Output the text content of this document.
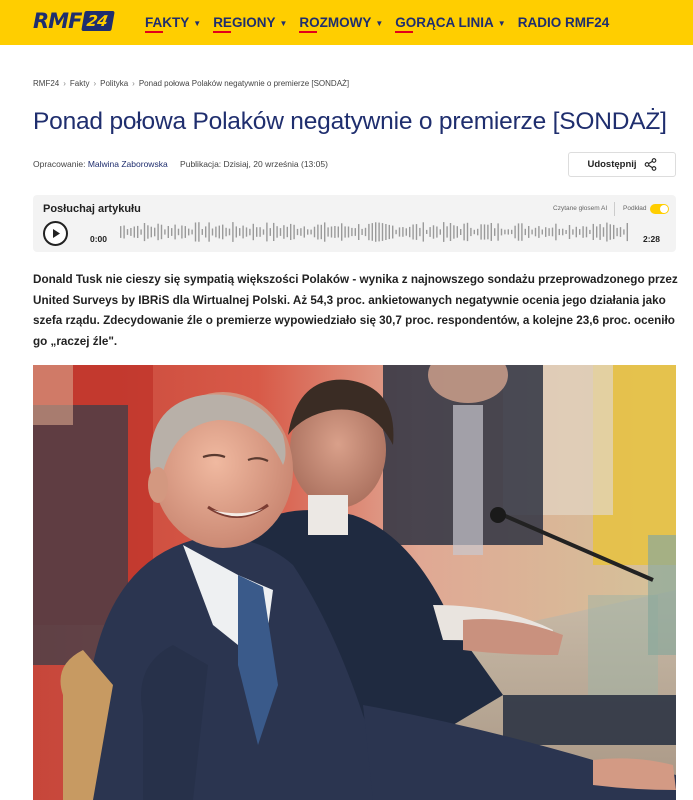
RMF 24	FAKTY ▼ REGIONY ▼ ROZMOWY ▼ GORĄCA LINIA ▼ RADIO RMF24
RMF24 › Fakty › Polityka › Ponad połowa Polaków negatywnie o premierze [SONDAŻ]
Ponad połowa Polaków negatywnie o premierze [SONDAŻ]
Opracowanie: Malwina Zaborowska Publikacja: Dzisiaj, 20 września (13:05)	Udostępnij
Posłuchaj artykułu	Czytane głosem AI Podkład
0:00	2:28

Donald Tusk nie cieszy się sympatią większości Polaków - wynika z najnowszego sondażu przeprowadzonego przez United Surveys by IBRiS dla Wirtualnej Polski. Aż 54,3 proc. ankietowanych negatywnie ocenia jego działania jako szefa rządu. Zdecydowanie źle o premierze wypowiedziało się 30,7 proc. respondentów, a kolejne 23,6 proc. oceniło go „raczej źle".
